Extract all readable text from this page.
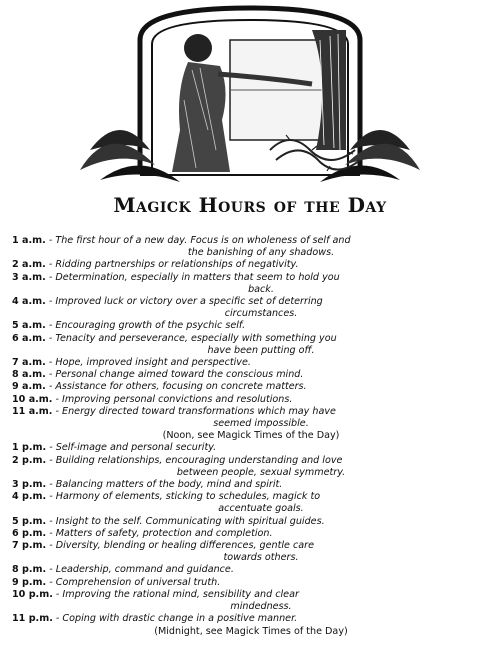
Magick Hours of the Day
1 a.m. - The first hour of a new day. Focus is on wholeness of self and
the banishing of any shadows.
2 a.m. - Ridding partnerships or relationships of negativity.
3 a.m. - Determination, especially in matters that seem to hold you
back.
4 a.m. - Improved luck or victory over a specific set of deterring
circumstances.
5 a.m. - Encouraging growth of the psychic self.
6 a.m. - Tenacity and perseverance, especially with something you
have been putting off.
7 a.m. - Hope, improved insight and perspective.
8 a.m. - Personal change aimed toward the conscious mind.
9 a.m. - Assistance for others, focusing on concrete matters.
10 a.m. - Improving personal convictions and resolutions.
11 a.m. - Energy directed toward transformations which may have
seemed impossible.
(Noon, see Magick Times of the Day)
1 p.m. - Self-image and personal security.
2 p.m. - Building relationships, encouraging understanding and love
between people, sexual symmetry.
3 p.m. - Balancing matters of the body, mind and spirit.
4 p.m. - Harmony of elements, sticking to schedules, magick to
accentuate goals.
5 p.m. - Insight to the self. Communicating with spiritual guides.
6 p.m. - Matters of safety, protection and completion.
7 p.m. - Diversity, blending or healing differences, gentle care
towards others.
8 p.m. - Leadership, command and guidance.
9 p.m. - Comprehension of universal truth.
10 p.m. - Improving the rational mind, sensibility and clear
mindedness.
11 p.m. - Coping with drastic change in a positive manner.
(Midnight, see Magick Times of the Day)
